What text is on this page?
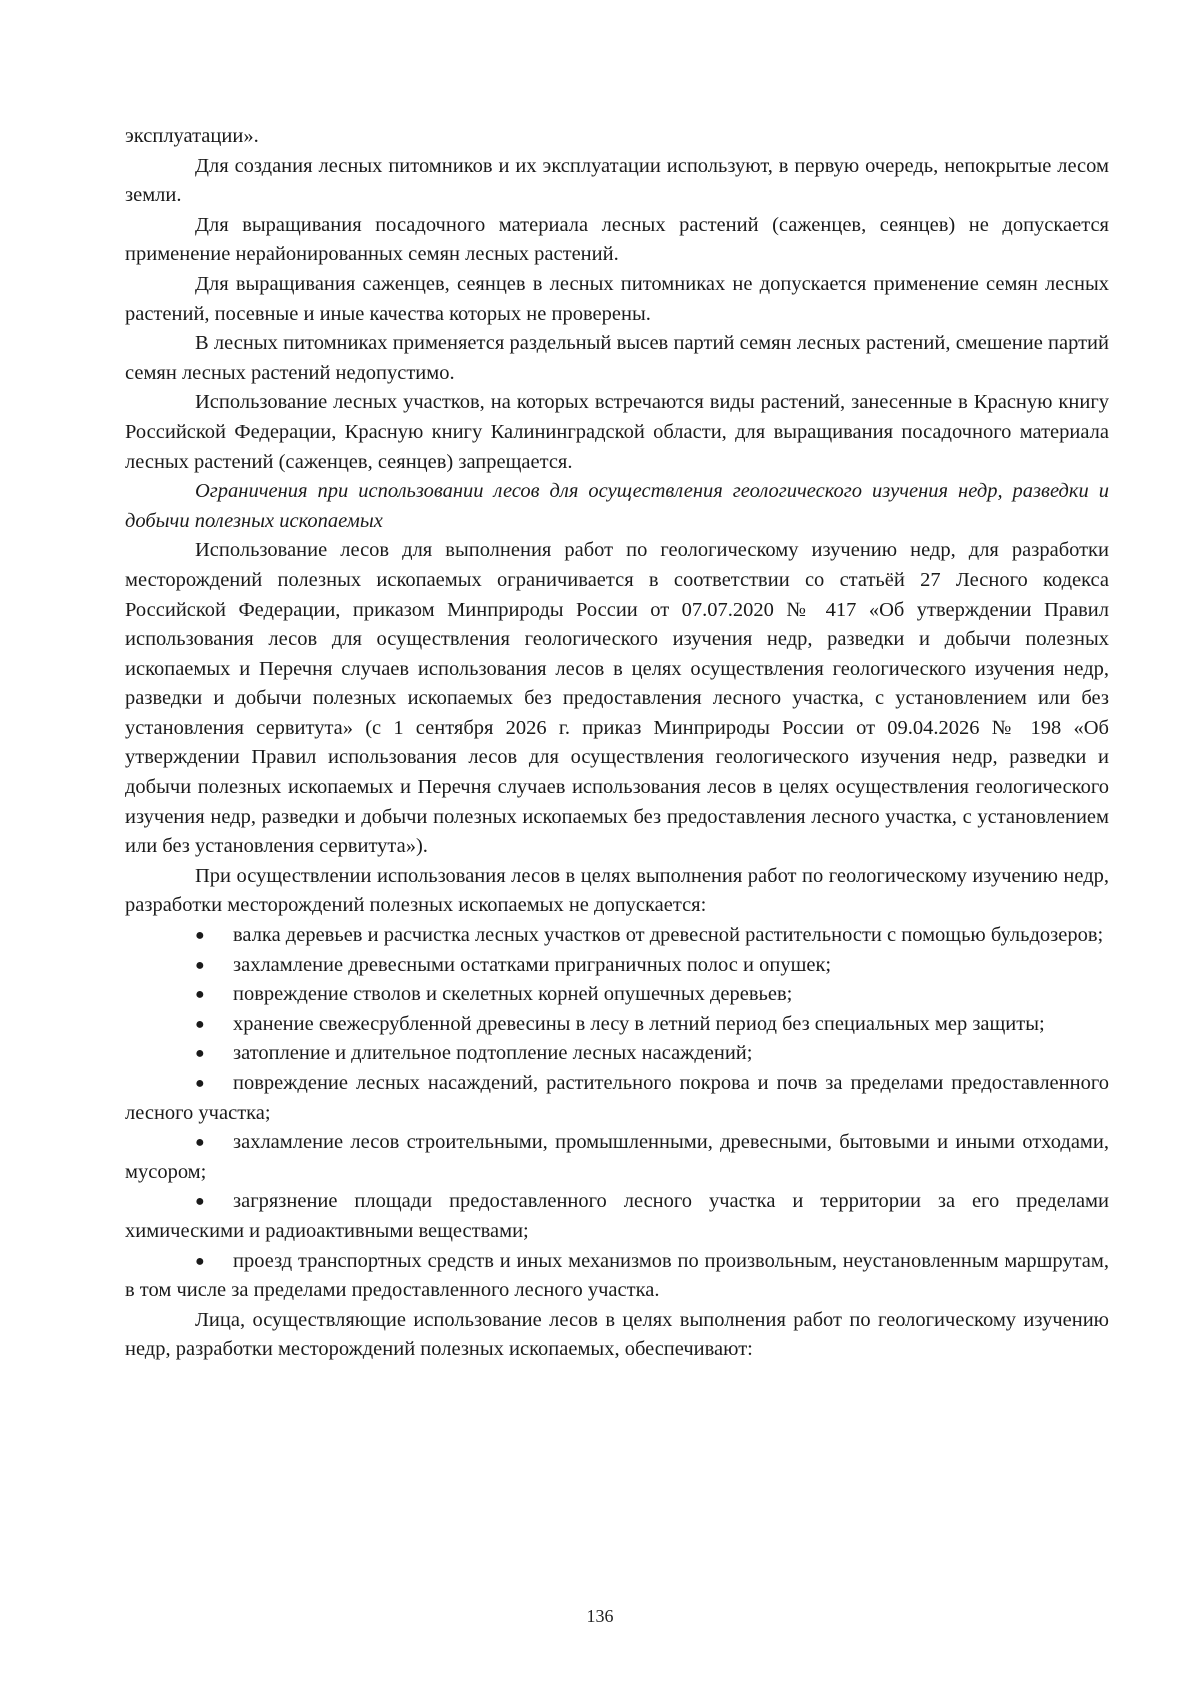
эксплуатации».

Для создания лесных питомников и их эксплуатации используют, в первую очередь, непокрытые лесом земли.

Для выращивания посадочного материала лесных растений (саженцев, сеянцев) не допускается применение нерайонированных семян лесных растений.

Для выращивания саженцев, сеянцев в лесных питомниках не допускается применение семян лесных растений, посевные и иные качества которых не проверены.

В лесных питомниках применяется раздельный высев партий семян лесных растений, смешение партий семян лесных растений недопустимо.

Использование лесных участков, на которых встречаются виды растений, занесенные в Красную книгу Российской Федерации, Красную книгу Калининградской области, для выращивания посадочного материала лесных растений (саженцев, сеянцев) запрещается.

Ограничения при использовании лесов для осуществления геологического изучения недр, разведки и добычи полезных ископаемых

Использование лесов для выполнения работ по геологическому изучению недр, для разработки месторождений полезных ископаемых ограничивается в соответствии со статьёй 27 Лесного кодекса Российской Федерации, приказом Минприроды России от 07.07.2020 № 417 «Об утверждении Правил использования лесов для осуществления геологического изучения недр, разведки и добычи полезных ископаемых и Перечня случаев использования лесов в целях осуществления геологического изучения недр, разведки и добычи полезных ископаемых без предоставления лесного участка, с установлением или без установления сервитута» (с 1 сентября 2026 г. приказ Минприроды России от 09.04.2026 № 198 «Об утверждении Правил использования лесов для осуществления геологического изучения недр, разведки и добычи полезных ископаемых и Перечня случаев использования лесов в целях осуществления геологического изучения недр, разведки и добычи полезных ископаемых без предоставления лесного участка, с установлением или без установления сервитута»).

При осуществлении использования лесов в целях выполнения работ по геологическому изучению недр, разработки месторождений полезных ископаемых не допускается:

● валка деревьев и расчистка лесных участков от древесной растительности с помощью бульдозеров;

● захламление древесными остатками приграничных полос и опушек;

● повреждение стволов и скелетных корней опушечных деревьев;

● хранение свежесрубленной древесины в лесу в летний период без специальных мер защиты;

● затопление и длительное подтопление лесных насаждений;

● повреждение лесных насаждений, растительного покрова и почв за пределами предоставленного лесного участка;

● захламление лесов строительными, промышленными, древесными, бытовыми и иными отходами, мусором;

● загрязнение площади предоставленного лесного участка и территории за его пределами химическими и радиоактивными веществами;

● проезд транспортных средств и иных механизмов по произвольным, неустановленным маршрутам, в том числе за пределами предоставленного лесного участка.

Лица, осуществляющие использование лесов в целях выполнения работ по геологическому изучению недр, разработки месторождений полезных ископаемых, обеспечивают:

136
